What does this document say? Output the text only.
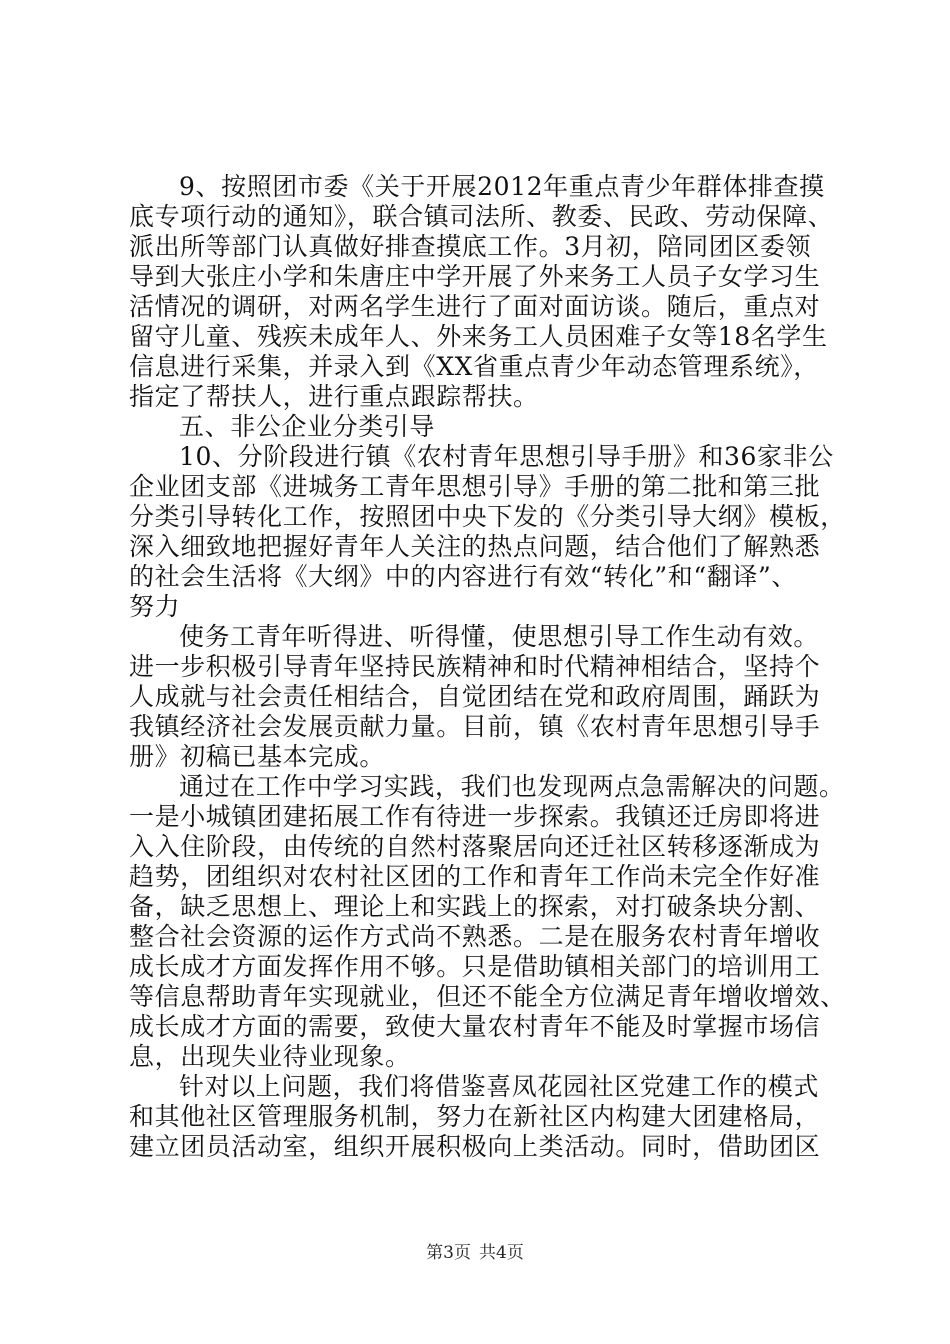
9、按照团市委《关于开展2012年重点青少年群体排查摸

底专项行动的通知》，联合镇司法所、教委、民政、劳动保障、

派出所等部门认真做好排查摸底工作。3月初，陪同团区委领

导到大张庄小学和朱唐庄中学开展了外来务工人员子女学习生

活情况的调研，对两名学生进行了面对面访谈。随后，重点对

留守儿童、残疾未成年人、外来务工人员困难子女等18名学生

信息进行采集，并录入到《XX省重点青少年动态管理系统》，

指定了帮扶人，进行重点跟踪帮扶。

五、非公企业分类引导

10、分阶段进行镇《农村青年思想引导手册》和36家非公

企业团支部《进城务工青年思想引导》手册的第二批和第三批

分类引导转化工作，按照团中央下发的《分类引导大纲》模板，

深入细致地把握好青年人关注的热点问题，结合他们了解熟悉

的社会生活将《大纲》中的内容进行有效“转化”和“翻译”、

努力

使务工青年听得进、听得懂，使思想引导工作生动有效。

进一步积极引导青年坚持民族精神和时代精神相结合，坚持个

人成就与社会责任相结合，自觉团结在党和政府周围，踊跃为

我镇经济社会发展贡献力量。目前，镇《农村青年思想引导手

册》初稿已基本完成。

通过在工作中学习实践，我们也发现两点急需解决的问题。

一是小城镇团建拓展工作有待进一步探索。我镇还迁房即将进

入入住阶段，由传统的自然村落聚居向还迁社区转移逐渐成为

趋势，团组织对农村社区团的工作和青年工作尚未完全作好准

备，缺乏思想上、理论上和实践上的探索，对打破条块分割、

整合社会资源的运作方式尚不熟悉。二是在服务农村青年增收

成长成才方面发挥作用不够。只是借助镇相关部门的培训用工

等信息帮助青年实现就业，但还不能全方位满足青年增收增效、

成长成才方面的需要，致使大量农村青年不能及时掌握市场信

息，出现失业待业现象。

针对以上问题，我们将借鉴喜凤花园社区党建工作的模式

和其他社区管理服务机制，努力在新社区内构建大团建格局，

建立团员活动室，组织开展积极向上类活动。同时，借助团区

第3页 共4页
